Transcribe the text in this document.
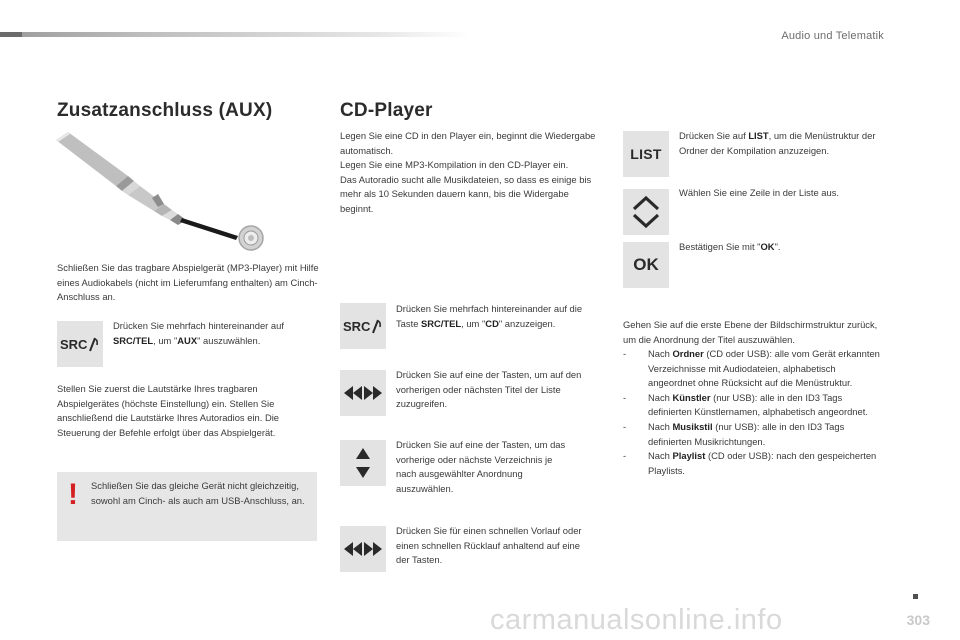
Audio und Telematik
Zusatzanschluss (AUX)
Schließen Sie das tragbare Abspielgerät (MP3-Player) mit Hilfe eines Audiokabels (nicht im Lieferumfang enthalten) am Cinch-Anschluss an.
SRC
Drücken Sie mehrfach hintereinander auf SRC/TEL, um "AUX" auszuwählen.
Stellen Sie zuerst die Lautstärke Ihres tragbaren Abspielgerätes (höchste Einstellung) ein. Stellen Sie anschließend die Lautstärke Ihres Autoradios ein. Die Steuerung der Befehle erfolgt über das Abspielgerät.
! Schließen Sie das gleiche Gerät nicht gleichzeitig, sowohl am Cinch- als auch am USB-Anschluss, an.
CD-Player
Legen Sie eine CD in den Player ein, beginnt die Wiedergabe automatisch.
Legen Sie eine MP3-Kompilation in den CD-Player ein.
Das Autoradio sucht alle Musikdateien, so dass es einige bis mehr als 10 Sekunden dauern kann, bis die Widergabe beginnt.
SRC
Drücken Sie mehrfach hintereinander auf die Taste SRC/TEL, um "CD" anzuzeigen.
Drücken Sie auf eine der Tasten, um auf den vorherigen oder nächsten Titel der Liste zuzugreifen.
Drücken Sie auf eine der Tasten, um das vorherige oder nächste Verzeichnis je nach ausgewählter Anordnung auszuwählen.
Drücken Sie für einen schnellen Vorlauf oder einen schnellen Rücklauf anhaltend auf eine der Tasten.
LIST
Drücken Sie auf LIST, um die Menüstruktur der Ordner der Kompilation anzuzeigen.
Wählen Sie eine Zeile in der Liste aus.
OK
Bestätigen Sie mit "OK".
Gehen Sie auf die erste Ebene der Bildschirmstruktur zurück, um die Anordnung der Titel auszuwählen.
- Nach Ordner (CD oder USB): alle vom Gerät erkannten Verzeichnisse mit Audiodateien, alphabetisch angeordnet ohne Rücksicht auf die Menüstruktur.
- Nach Künstler (nur USB): alle in den ID3 Tags definierten Künstlernamen, alphabetisch angeordnet.
- Nach Musikstil (nur USB): alle in den ID3 Tags definierten Musikrichtungen.
- Nach Playlist (CD oder USB): nach den gespeicherten Playlists.
303
carmanualsonline.info
